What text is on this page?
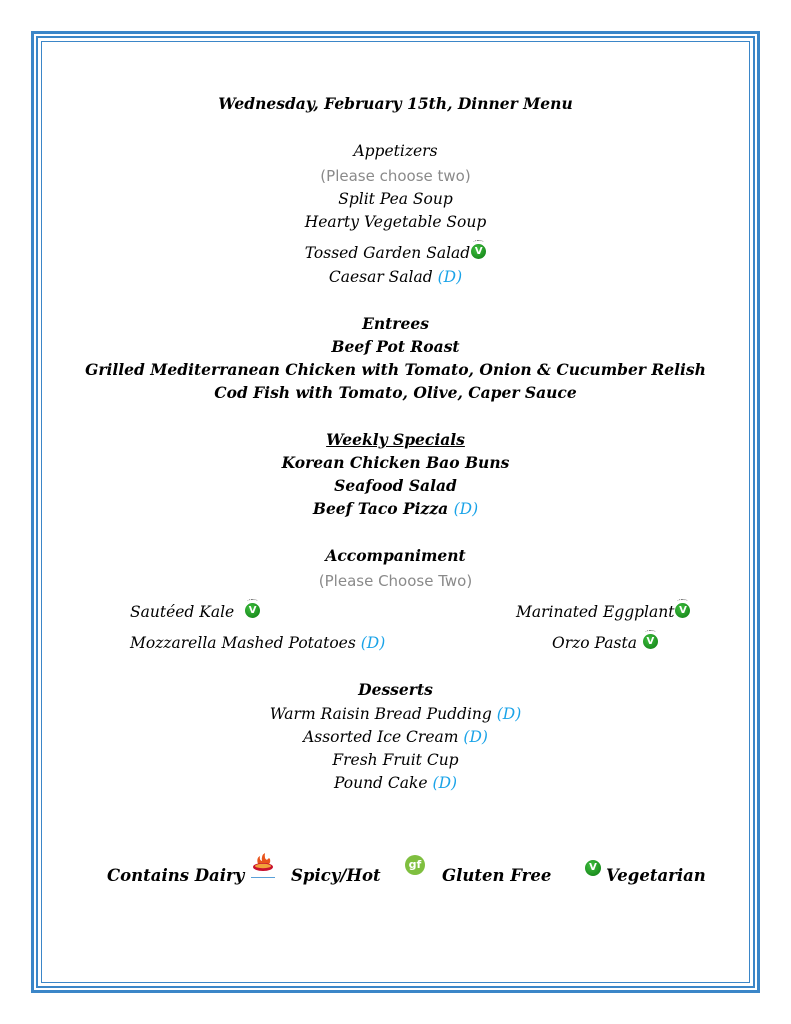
Wednesday, February 15th, Dinner Menu
Appetizers
(Please choose two)
Split Pea Soup
Hearty Vegetable Soup
Tossed Garden Salad V
Caesar Salad (D)
Entrees
Beef Pot Roast
Grilled Mediterranean Chicken with Tomato, Onion & Cucumber Relish
Cod Fish with Tomato, Olive, Caper Sauce
Weekly Specials
Korean Chicken Bao Buns
Seafood Salad
Beef Taco Pizza (D)
Accompaniment
(Please Choose Two)
Sautéed Kale V
Mozzarella Mashed Potatoes (D)
Marinated Eggplant V
Orzo Pasta V
Desserts
Warm Raisin Bread Pudding (D)
Assorted Ice Cream (D)
Fresh Fruit Cup
Pound Cake (D)
Contains Dairy	Spicy/Hot
gf
Gluten Free	V Vegetarian
